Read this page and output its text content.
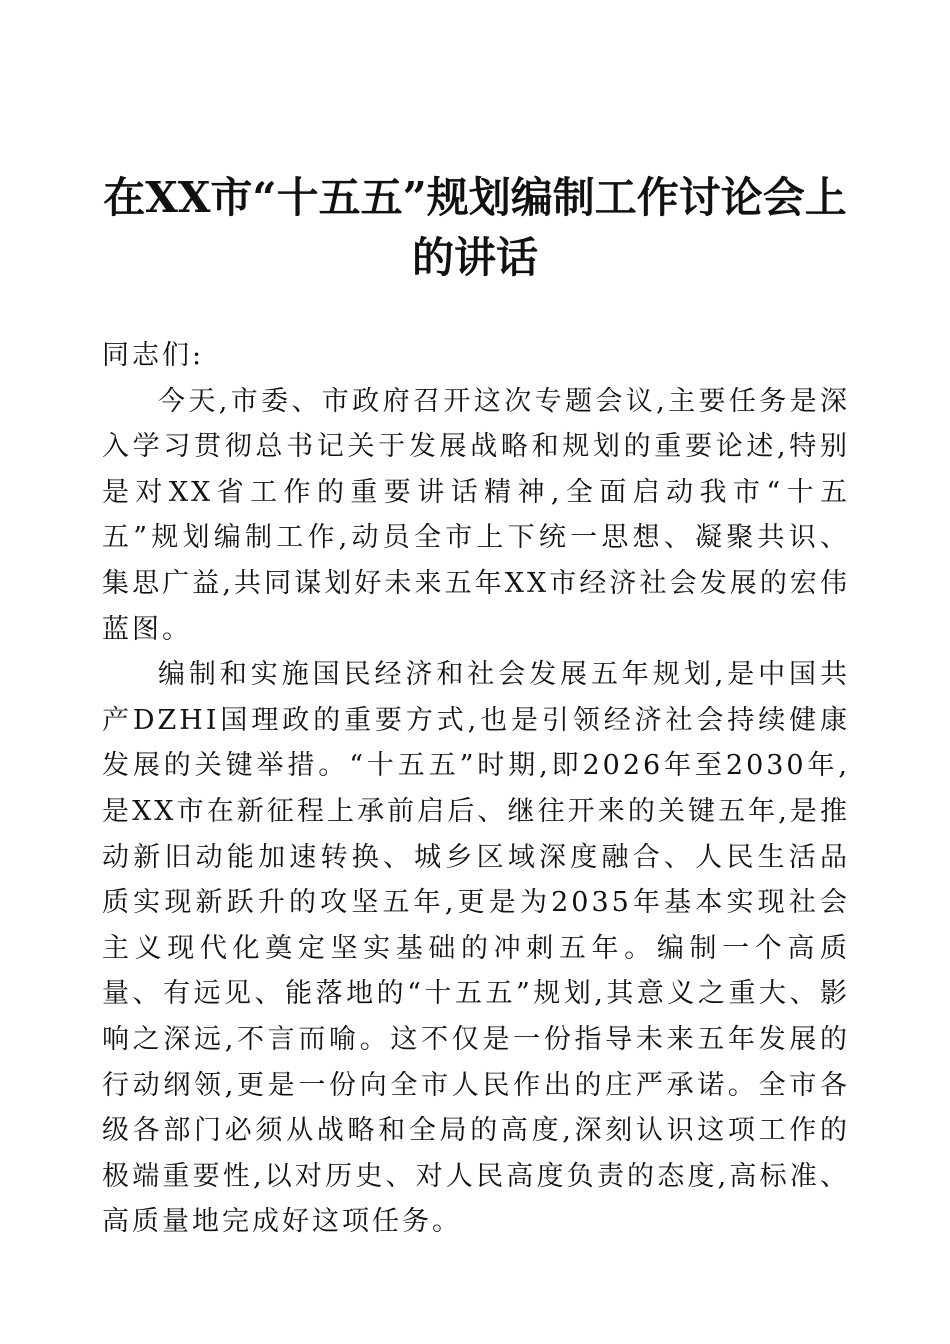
在XX市“十五五”规划编制工作讨论会上的讲话

同志们:

今天,市委、市政府召开这次专题会议,主要任务是深入学习贯彻总书记关于发展战略和规划的重要论述,特别是对XX省工作的重要讲话精神,全面启动我市“十五五”规划编制工作,动员全市上下统一思想、凝聚共识、集思广益,共同谋划好未来五年XX市经济社会发展的宏伟蓝图。

编制和实施国民经济和社会发展五年规划,是中国共产DZHI国理政的重要方式,也是引领经济社会持续健康发展的关键举措。“十五五”时期,即2026年至2030年,是XX市在新征程上承前启后、继往开来的关键五年,是推动新旧动能加速转换、城乡区域深度融合、人民生活品质实现新跃升的攻坚五年,更是为2035年基本实现社会主义现代化奠定坚实基础的冲刺五年。编制一个高质量、有远见、能落地的“十五五”规划,其意义之重大、影响之深远,不言而喻。这不仅是一份指导未来五年发展的行动纲领,更是一份向全市人民作出的庄严承诺。全市各级各部门必须从战略和全局的高度,深刻认识这项工作的极端重要性,以对历史、对人民高度负责的态度,高标准、高质量地完成好这项任务。
